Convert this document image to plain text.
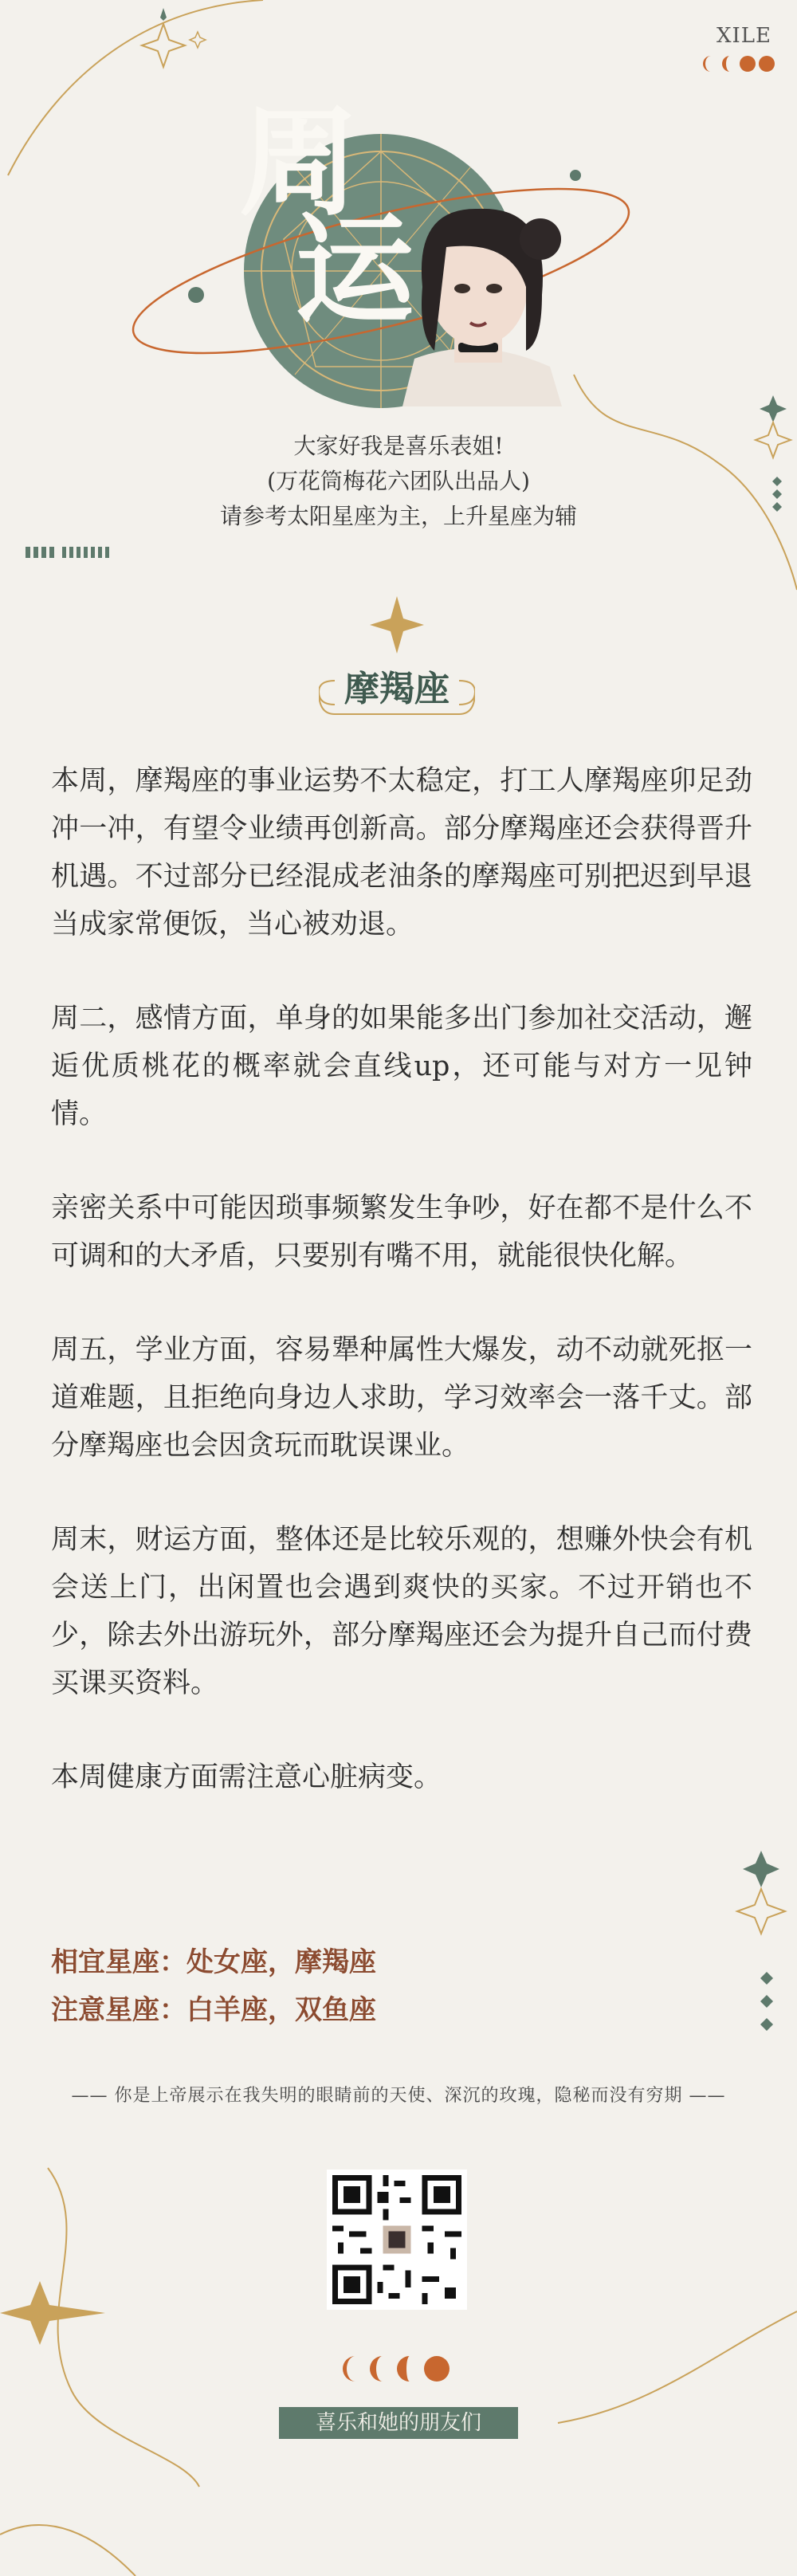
XILE
周
运
大家好我是喜乐表姐!
(万花筒梅花六团队出品人)
请参考太阳星座为主，上升星座为辅
摩羯座

本周，摩羯座的事业运势不太稳定，打工人摩羯座卯足劲冲一冲，有望令业绩再创新高。部分摩羯座还会获得晋升机遇。不过部分已经混成老油条的摩羯座可别把迟到早退当成家常便饭，当心被劝退。

周二，感情方面，单身的如果能多出门参加社交活动，邂逅优质桃花的概率就会直线up，还可能与对方一见钟情。

亲密关系中可能因琐事频繁发生争吵，好在都不是什么不可调和的大矛盾，只要别有嘴不用，就能很快化解。

周五，学业方面，容易犟种属性大爆发，动不动就死抠一道难题，且拒绝向身边人求助，学习效率会一落千丈。部分摩羯座也会因贪玩而耽误课业。

周末，财运方面，整体还是比较乐观的，想赚外快会有机会送上门，出闲置也会遇到爽快的买家。不过开销也不少，除去外出游玩外，部分摩羯座还会为提升自己而付费买课买资料。

本周健康方面需注意心脏病变。

相宜星座：处女座，摩羯座
注意星座：白羊座，双鱼座
—— 你是上帝展示在我失明的眼睛前的天使、深沉的玫瑰，隐秘而没有穷期 ——
喜乐和她的朋友们
